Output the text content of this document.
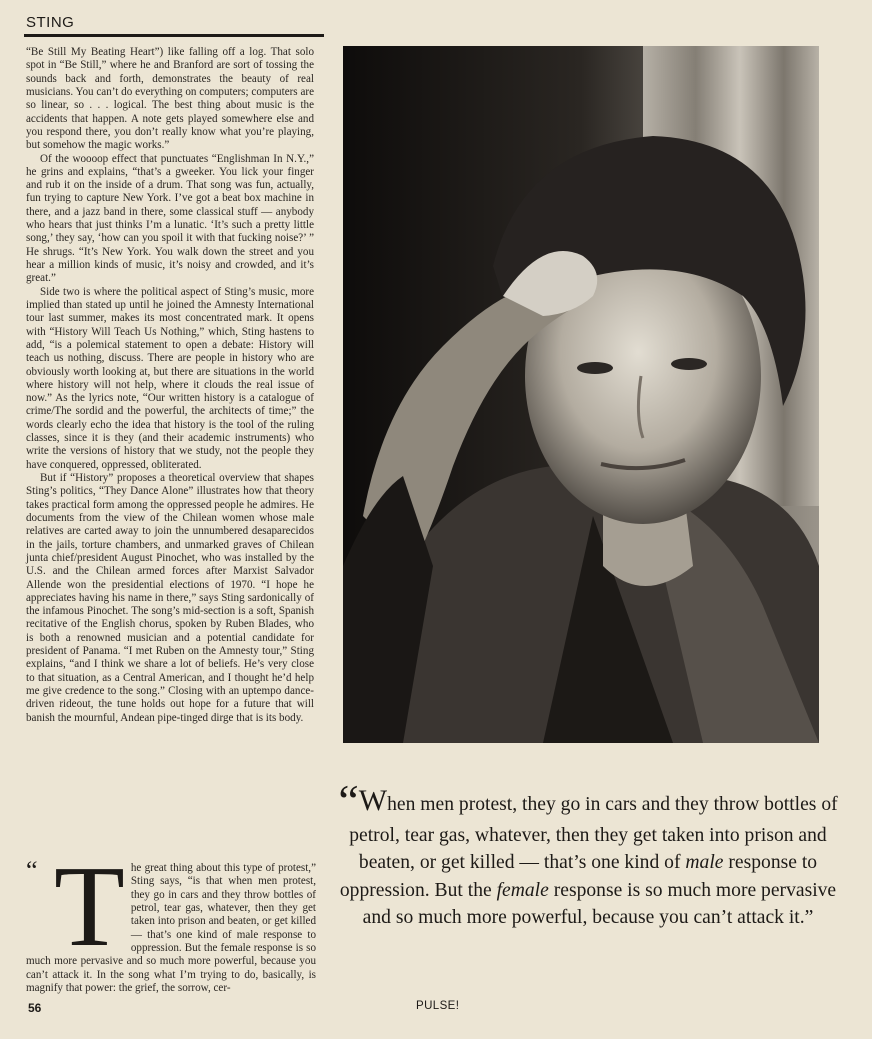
STING

“Be Still My Beating Heart”) like falling off a log. That solo spot in “Be Still,” where he and Branford are sort of tossing the sounds back and forth, demonstrates the beauty of real musicians. You can’t do everything on computers; computers are so linear, so . . . logical. The best thing about music is the accidents that happen. A note gets played somewhere else and you respond there, you don’t really know what you’re playing, but somehow the magic works.”

Of the woooop effect that punctuates “Englishman In N.Y.,” he grins and explains, “that’s a gweeker. You lick your finger and rub it on the inside of a drum. That song was fun, actually, fun trying to capture New York. I’ve got a beat box machine in there, and a jazz band in there, some classical stuff — anybody who hears that just thinks I’m a lunatic. ‘It’s such a pretty little song,’ they say, ‘how can you spoil it with that fucking noise?’ ” He shrugs. “It’s New York. You walk down the street and you hear a million kinds of music, it’s noisy and crowded, and it’s great.”

Side two is where the political aspect of Sting’s music, more implied than stated up until he joined the Amnesty International tour last summer, makes its most concentrated mark. It opens with “History Will Teach Us Nothing,” which, Sting hastens to add, “is a polemical statement to open a debate: History will teach us nothing, discuss. There are people in history who are obviously worth looking at, but there are situations in the world where history will not help, where it clouds the real issue of now.” As the lyrics note, “Our written history is a catalogue of crime/The sordid and the powerful, the architects of time;” the words clearly echo the idea that history is the tool of the ruling classes, since it is they (and their academic instruments) who write the versions of history that we study, not the people they have conquered, oppressed, obliterated.

But if “History” proposes a theoretical overview that shapes Sting’s politics, “They Dance Alone” illustrates how that theory takes practical form among the oppressed people he admires. He documents from the view of the Chilean women whose male relatives are carted away to join the unnumbered desaparecidos in the jails, torture chambers, and unmarked graves of Chilean junta chief/president August Pinochet, who was installed by the U.S. and the Chilean armed forces after Marxist Salvador Allende won the presidential elections of 1970. “I hope he appreciates having his name in there,” says Sting sardonically of the infamous Pinochet. The song’s mid-section is a soft, Spanish recitative of the English chorus, spoken by Ruben Blades, who is both a renowned musician and a potential candidate for president of Panama. “I met Ruben on the Amnesty tour,” Sting explains, “and I think we share a lot of beliefs. He’s very close to that situation, as a Central American, and I thought he’d help me give credence to the song.” Closing with an uptempo dance-driven rideout, the tune holds out hope for a future that will banish the mournful, Andean pipe-tinged dirge that is its body.

“ T he great thing about this type of protest,” Sting says, “is that when men protest, they go in cars and they throw bottles of petrol, tear gas, whatever, then they get taken into prison and beaten, or get killed — that’s one kind of male response to oppression. But the female response is so much more pervasive and so much more powerful, because you can’t attack it. In the song what I’m trying to do, basically, is magnify that power: the grief, the sorrow, cer-
“When men protest, they go in cars and they throw bottles of petrol, tear gas, whatever, then they get taken into prison and beaten, or get killed — that’s one kind of male response to oppression. But the female response is so much more pervasive and so much more powerful, because you can’t attack it.”
56	PULSE!
